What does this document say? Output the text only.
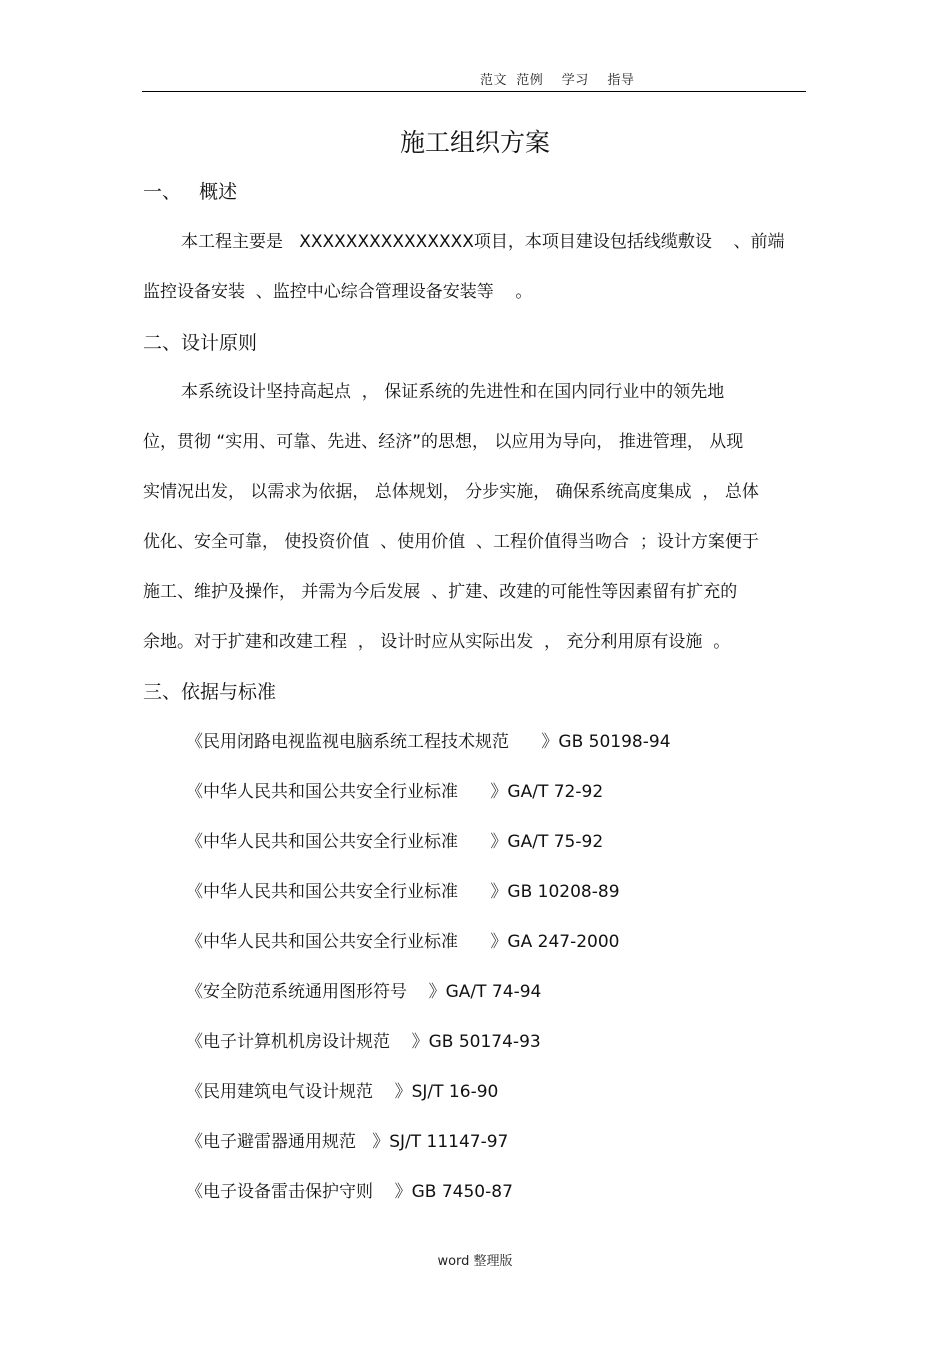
范文  范例    学习    指导
施工组织方案
一、   概述
本工程主要是   XXXXXXXXXXXXXXX项目，本项目建设包括线缆敷设    、前端
监控设备安装  、监控中心综合管理设备安装等    。
二、设计原则
本系统设计坚持高起点  ， 保证系统的先进性和在国内同行业中的领先地
位，贯彻 “实用、可靠、先进、经济”的思想， 以应用为导向， 推进管理， 从现
实情况出发， 以需求为依据， 总体规划， 分步实施， 确保系统高度集成  ， 总体
优化、安全可靠， 使投资价值  、使用价值  、工程价值得当吻合  ；设计方案便于
施工、维护及操作， 并需为今后发展  、扩建、改建的可能性等因素留有扩充的
余地。对于扩建和改建工程  ， 设计时应从实际出发  ， 充分利用原有设施  。
三、依据与标准
《民用闭路电视监视电脑系统工程技术规范      》GB 50198-94
《中华人民共和国公共安全行业标准      》GA/T 72-92
《中华人民共和国公共安全行业标准      》GA/T 75-92
《中华人民共和国公共安全行业标准      》GB 10208-89
《中华人民共和国公共安全行业标准      》GA 247-2000
《安全防范系统通用图形符号    》GA/T 74-94
《电子计算机机房设计规范    》GB 50174-93
《民用建筑电气设计规范    》SJ/T 16-90
《电子避雷器通用规范   》SJ/T 11147-97
《电子设备雷击保护守则    》GB 7450-87
word 整理版
